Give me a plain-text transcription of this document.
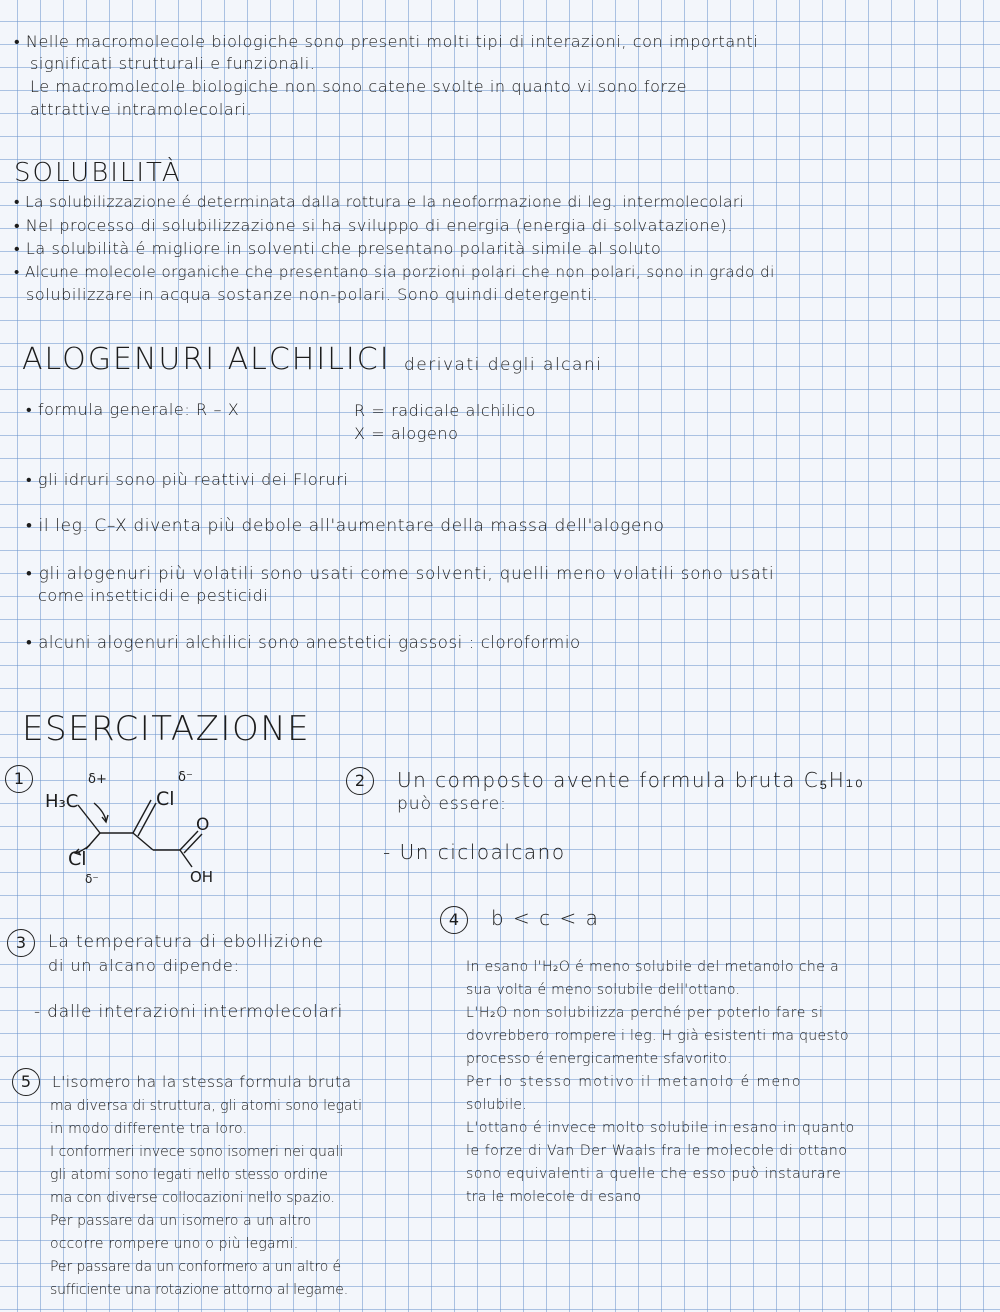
• Nelle macromolecole biologiche sono presenti molti tipi di interazioni, con importanti
significati strutturali e funzionali.
Le macromolecole biologiche non sono catene svolte in quanto vi sono forze
attrattive intramolecolari.
SOLUBILITÀ
• La solubilizzazione é determinata dalla rottura e la neoformazione di leg. intermolecolari
• Nel processo di solubilizzazione si ha sviluppo di energia (energia di solvatazione).
• La solubilità é migliore in solventi che presentano polarità simile al soluto
• Alcune molecole organiche che presentano sia porzioni polari che non polari, sono in grado di
solubilizzare in acqua sostanze non-polari. Sono quindi detergenti.
ALOGENURI ALCHILICI derivati degli alcani
• formula generale: R – X	R = radicale alchilico
X = alogeno
• gli idruri sono più reattivi dei Floruri
• il leg. C–X diventa più debole all'aumentare della massa dell'alogeno
• gli alogenuri più volatili sono usati come solventi, quelli meno volatili sono usati
come insetticidi e pesticidi
• alcuni alogenuri alchilici sono anestetici gassosi : cloroformio
ESERCITAZIONE
1	δ+
H₃C
δ⁻
Cl
O
OH
Cl
δ⁻
2	Un composto avente formula bruta C₅H₁₀
può essere:
- Un cicloalcano
4	b < c < a
In esano l'H₂O é meno solubile del metanolo che a
sua volta é meno solubile dell'ottano.
L'H₂O non solubilizza perché per poterlo fare si
dovrebbero rompere i leg. H già esistenti ma questo
processo é energicamente sfavorito.
Per lo stesso motivo il metanolo é meno
solubile.
L'ottano é invece molto solubile in esano in quanto
le forze di Van Der Waals fra le molecole di ottano
sono equivalenti a quelle che esso può instaurare
tra le molecole di esano
3	La temperatura di ebollizione
di un alcano dipende:
- dalle interazioni intermolecolari
5	L'isomero ha la stessa formula bruta
ma diversa di struttura, gli atomi sono legati
in modo differente tra loro.
I conformeri invece sono isomeri nei quali
gli atomi sono legati nello stesso ordine
ma con diverse collocazioni nello spazio.
Per passare da un isomero a un altro
occorre rompere uno o più legami.
Per passare da un conformero a un altro é
sufficiente una rotazione attorno al legame.
